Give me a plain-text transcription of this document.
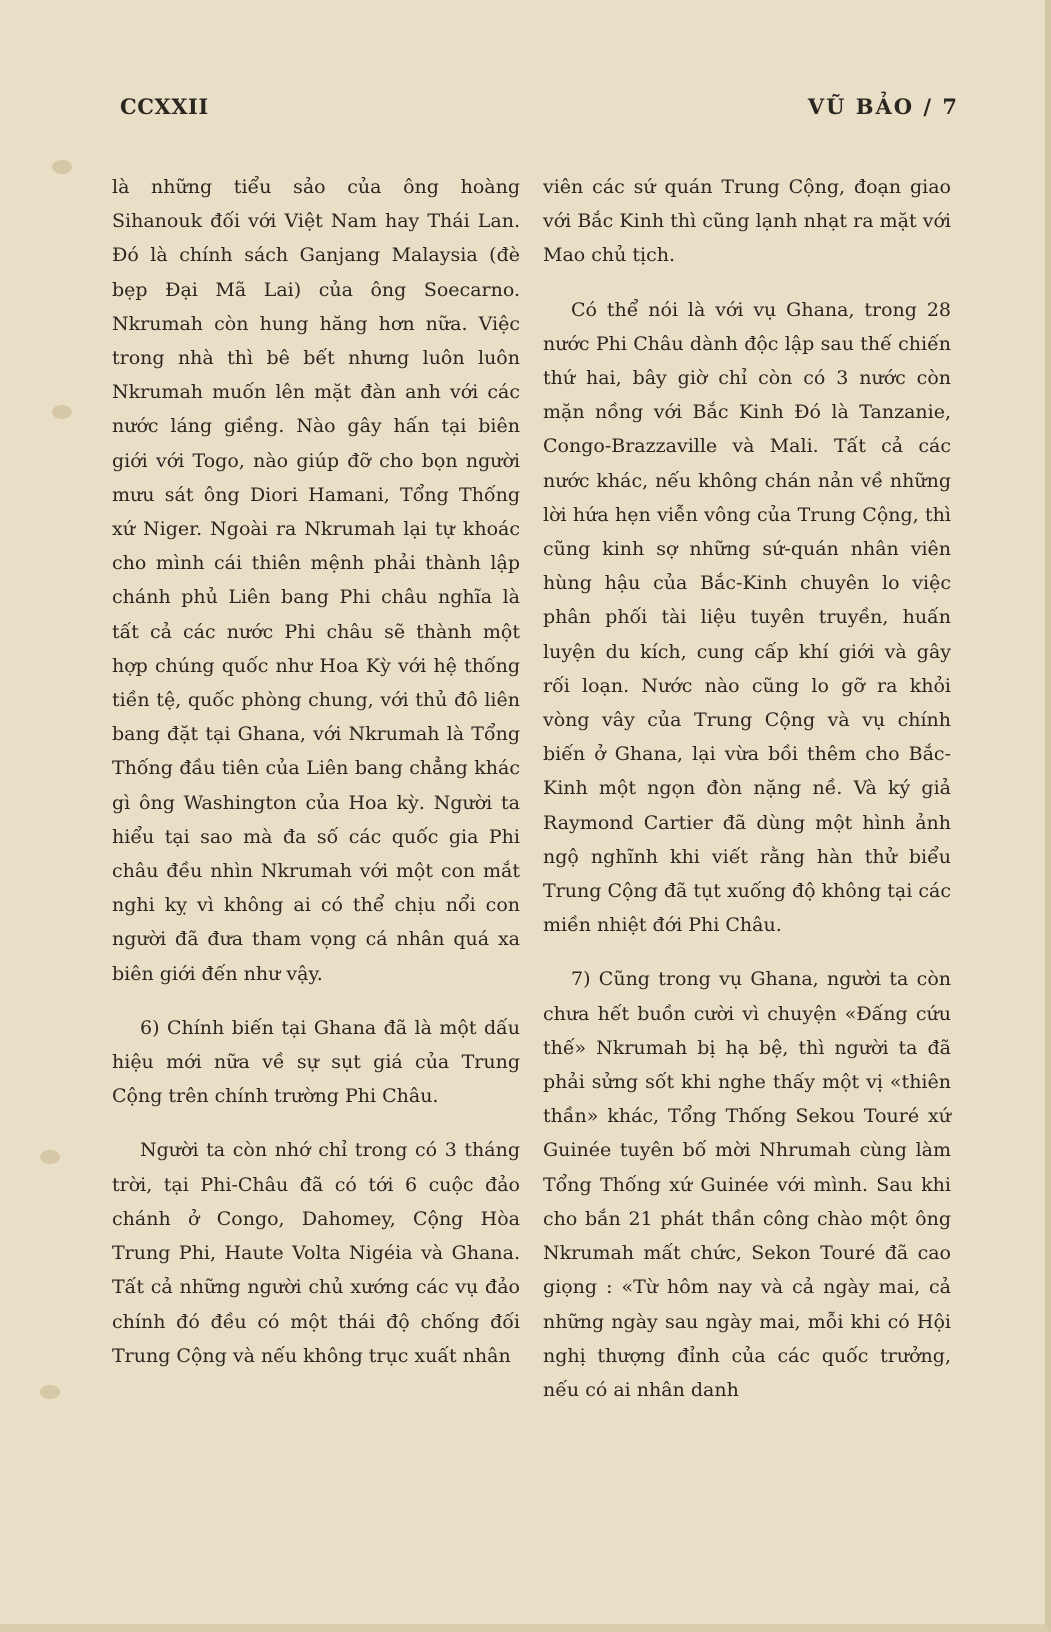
CCXXII	VŨ BẢO / 7

là những tiểu sảo của ông hoàng Sihanouk đối với Việt Nam hay Thái Lan. Đó là chính sách Ganjang Malaysia (đè bẹp Đại Mã Lai) của ông Soecarno. Nkrumah còn hung hăng hơn nữa. Việc trong nhà thì bê bết nhưng luôn luôn Nkrumah muốn lên mặt đàn anh với các nước láng giềng. Nào gây hấn tại biên giới với Togo, nào giúp đỡ cho bọn người mưu sát ông Diori Hamani, Tổng Thống xứ Niger. Ngoài ra Nkrumah lại tự khoác cho mình cái thiên mệnh phải thành lập chánh phủ Liên bang Phi châu nghĩa là tất cả các nước Phi châu sẽ thành một hợp chúng quốc như Hoa Kỳ với hệ thống tiền tệ, quốc phòng chung, với thủ đô liên bang đặt tại Ghana, với Nkrumah là Tổng Thống đầu tiên của Liên bang chẳng khác gì ông Washington của Hoa kỳ. Người ta hiểu tại sao mà đa số các quốc gia Phi châu đều nhìn Nkrumah với một con mắt nghi kỵ vì không ai có thể chịu nổi con người đã đưa tham vọng cá nhân quá xa biên giới đến như vậy.

6) Chính biến tại Ghana đã là một dấu hiệu mới nữa về sự sụt giá của Trung Cộng trên chính trường Phi Châu.

Người ta còn nhớ chỉ trong có 3 tháng trời, tại Phi-Châu đã có tới 6 cuộc đảo chánh ở Congo, Dahomey, Cộng Hòa Trung Phi, Haute Volta Nigéia và Ghana. Tất cả những người chủ xướng các vụ đảo chính đó đều có một thái độ chống đối Trung Cộng và nếu không trục xuất nhân

viên các sứ quán Trung Cộng, đoạn giao với Bắc Kinh thì cũng lạnh nhạt ra mặt với Mao chủ tịch.

Có thể nói là với vụ Ghana, trong 28 nước Phi Châu dành độc lập sau thế chiến thứ hai, bây giờ chỉ còn có 3 nước còn mặn nồng với Bắc Kinh Đó là Tanzanie, Congo-Brazzaville và Mali. Tất cả các nước khác, nếu không chán nản về những lời hứa hẹn viễn vông của Trung Cộng, thì cũng kinh sợ những sứ-quán nhân viên hùng hậu của Bắc-Kinh chuyên lo việc phân phối tài liệu tuyên truyền, huấn luyện du kích, cung cấp khí giới và gây rối loạn. Nước nào cũng lo gỡ ra khỏi vòng vây của Trung Cộng và vụ chính biến ở Ghana, lại vừa bồi thêm cho Bắc-Kinh một ngọn đòn nặng nề. Và ký giả Raymond Cartier đã dùng một hình ảnh ngộ nghĩnh khi viết rằng hàn thử biểu Trung Cộng đã tụt xuống độ không tại các miền nhiệt đới Phi Châu.

7) Cũng trong vụ Ghana, người ta còn chưa hết buồn cười vì chuyện «Đấng cứu thế» Nkrumah bị hạ bệ, thì người ta đã phải sửng sốt khi nghe thấy một vị «thiên thần» khác, Tổng Thống Sekou Touré xứ Guinée tuyên bố mời Nhrumah cùng làm Tổng Thống xứ Guinée với mình. Sau khi cho bắn 21 phát thần công chào một ông Nkrumah mất chức, Sekon Touré đã cao giọng : «Từ hôm nay và cả ngày mai, cả những ngày sau ngày mai, mỗi khi có Hội nghị thượng đỉnh của các quốc trưởng, nếu có ai nhân danh
